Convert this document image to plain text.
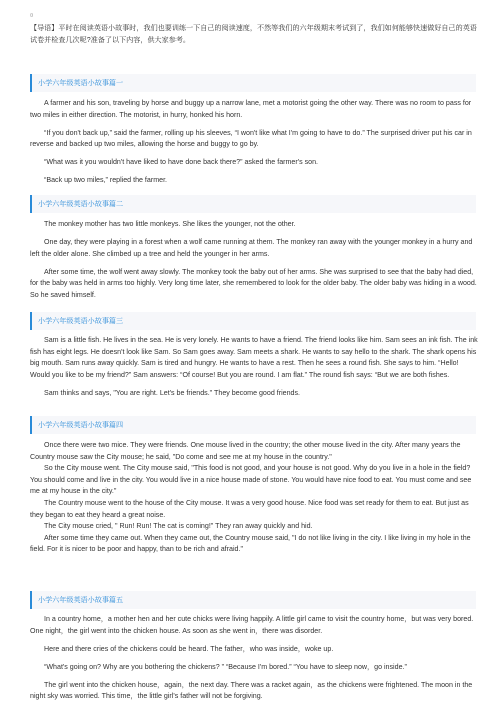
¤
【导语】平时在阅读英语小故事时，我们也要训练一下自己的阅读速度，不然等我们的六年级期末考试到了，我们如何能够快速做好自己的英语试卷并检查几次呢?准备了以下内容，供大家参考。
小学六年级英语小故事篇一

A farmer and his son, traveling by horse and buggy up a narrow lane, met a motorist going the other way. There was no room to pass for two miles in either direction. The motorist, in hurry, honked his horn.

“If you don't back up,” said the farmer, rolling up his sleeves, “I won't like what I'm going to have to do.” The surprised driver put his car in reverse and backed up two miles, allowing the horse and buggy to go by.

“What was it you wouldn't have liked to have done back there?” asked the farmer's son.

“Back up two miles,” replied the farmer.

小学六年级英语小故事篇二

The monkey mother has two little monkeys. She likes the younger, not the other.

One day, they were playing in a forest when a wolf came running at them. The monkey ran away with the younger monkey in a hurry and left the older alone. She climbed up a tree and held the younger in her arms.

After some time, the wolf went away slowly. The monkey took the baby out of her arms. She was surprised to see that the baby had died, for the baby was held in arms too highly. Very long time later, she remembered to look for the older baby. The older baby was hiding in a wood. So he saved himself.

小学六年级英语小故事篇三

Sam is a little fish. He lives in the sea. He is very lonely. He wants to have a friend. The friend looks like him. Sam sees an ink fish. The ink fish has eight legs. He doesn't look like Sam. So Sam goes away. Sam meets a shark. He wants to say hello to the shark. The shark opens his big mouth. Sam runs away quickly. Sam is tired and hungry. He wants to have a rest. Then he sees a round fish. She says to him. “Hello! Would you like to be my friend?” Sam answers: “Of course! But you are round. I am flat.” The round fish says: “But we are both fishes.

Sam thinks and says, "You are right. Let's be friends." They become good friends.

小学六年级英语小故事篇四

Once there were two mice. They were friends. One mouse lived in the country; the other mouse lived in the city. After many years the Country mouse saw the City mouse; he said, "Do come and see me at my house in the country."

So the City mouse went. The City mouse said, "This food is not good, and your house is not good. Why do you live in a hole in the field? You should come and live in the city. You would live in a nice house made of stone. You would have nice food to eat. You must come and see me at my house in the city."

The Country mouse went to the house of the City mouse. It was a very good house. Nice food was set ready for them to eat. But just as they began to eat they heard a great noise.

The City mouse cried, " Run! Run! The cat is coming!" They ran away quickly and hid.

After some time they came out. When they came out, the Country mouse said, "I do not like living in the city. I like living in my hole in the field. For it is nicer to be poor and happy, than to be rich and afraid."

小学六年级英语小故事篇五

In a country home，a mother hen and her cute chicks were living happily. A little girl came to visit the country home，but was very bored. One night，the girl went into the chicken house. As soon as she went in，there was disorder.

Here and there cries of the chickens could be heard. The father，who was inside，woke up.

“What's going on? Why are you bothering the chickens? ” “Because I'm bored.” “You have to sleep now，go inside.”

The girl went into the chicken house，again，the next day. There was a racket again，as the chickens were frightened. The moon in the night sky was worried. This time，the little girl's father will not be forgiving.
